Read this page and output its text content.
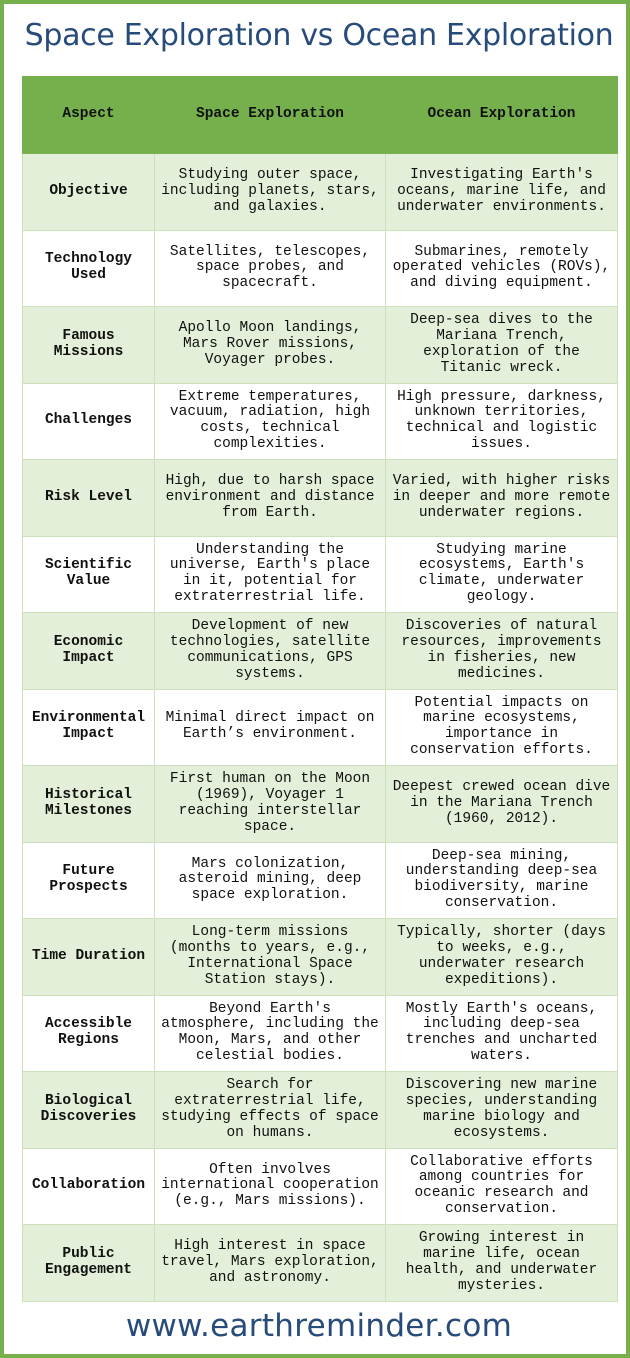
Space Exploration vs Ocean Exploration
Aspect	Space Exploration	Ocean Exploration
Objective	Studying outer space, including planets, stars, and galaxies.	Investigating Earth's oceans, marine life, and underwater environments.
Technology Used	Satellites, telescopes, space probes, and spacecraft.	Submarines, remotely operated vehicles (ROVs), and diving equipment.
Famous Missions	Apollo Moon landings, Mars Rover missions, Voyager probes.	Deep-sea dives to the Mariana Trench, exploration of the Titanic wreck.
Challenges	Extreme temperatures, vacuum, radiation, high costs, technical complexities.	High pressure, darkness, unknown territories, technical and logistic issues.
Risk Level	High, due to harsh space environment and distance from Earth.	Varied, with higher risks in deeper and more remote underwater regions.
Scientific Value	Understanding the universe, Earth's place in it, potential for extraterrestrial life.	Studying marine ecosystems, Earth's climate, underwater geology.
Economic Impact	Development of new technologies, satellite communications, GPS systems.	Discoveries of natural resources, improvements in fisheries, new medicines.
Environmental Impact	Minimal direct impact on Earth’s environment.	Potential impacts on marine ecosystems, importance in conservation efforts.
Historical Milestones	First human on the Moon (1969), Voyager 1 reaching interstellar space.	Deepest crewed ocean dive in the Mariana Trench (1960, 2012).
Future Prospects	Mars colonization, asteroid mining, deep space exploration.	Deep-sea mining, understanding deep-sea biodiversity, marine conservation.
Time Duration	Long-term missions (months to years, e.g., International Space Station stays).	Typically, shorter (days to weeks, e.g., underwater research expeditions).
Accessible Regions	Beyond Earth's atmosphere, including the Moon, Mars, and other celestial bodies.	Mostly Earth's oceans, including deep-sea trenches and uncharted waters.
Biological Discoveries	Search for extraterrestrial life, studying effects of space on humans.	Discovering new marine species, understanding marine biology and ecosystems.
Collaboration	Often involves international cooperation (e.g., Mars missions).	Collaborative efforts among countries for oceanic research and conservation.
Public Engagement	High interest in space travel, Mars exploration, and astronomy.	Growing interest in marine life, ocean health, and underwater mysteries.
www.earthreminder.com
